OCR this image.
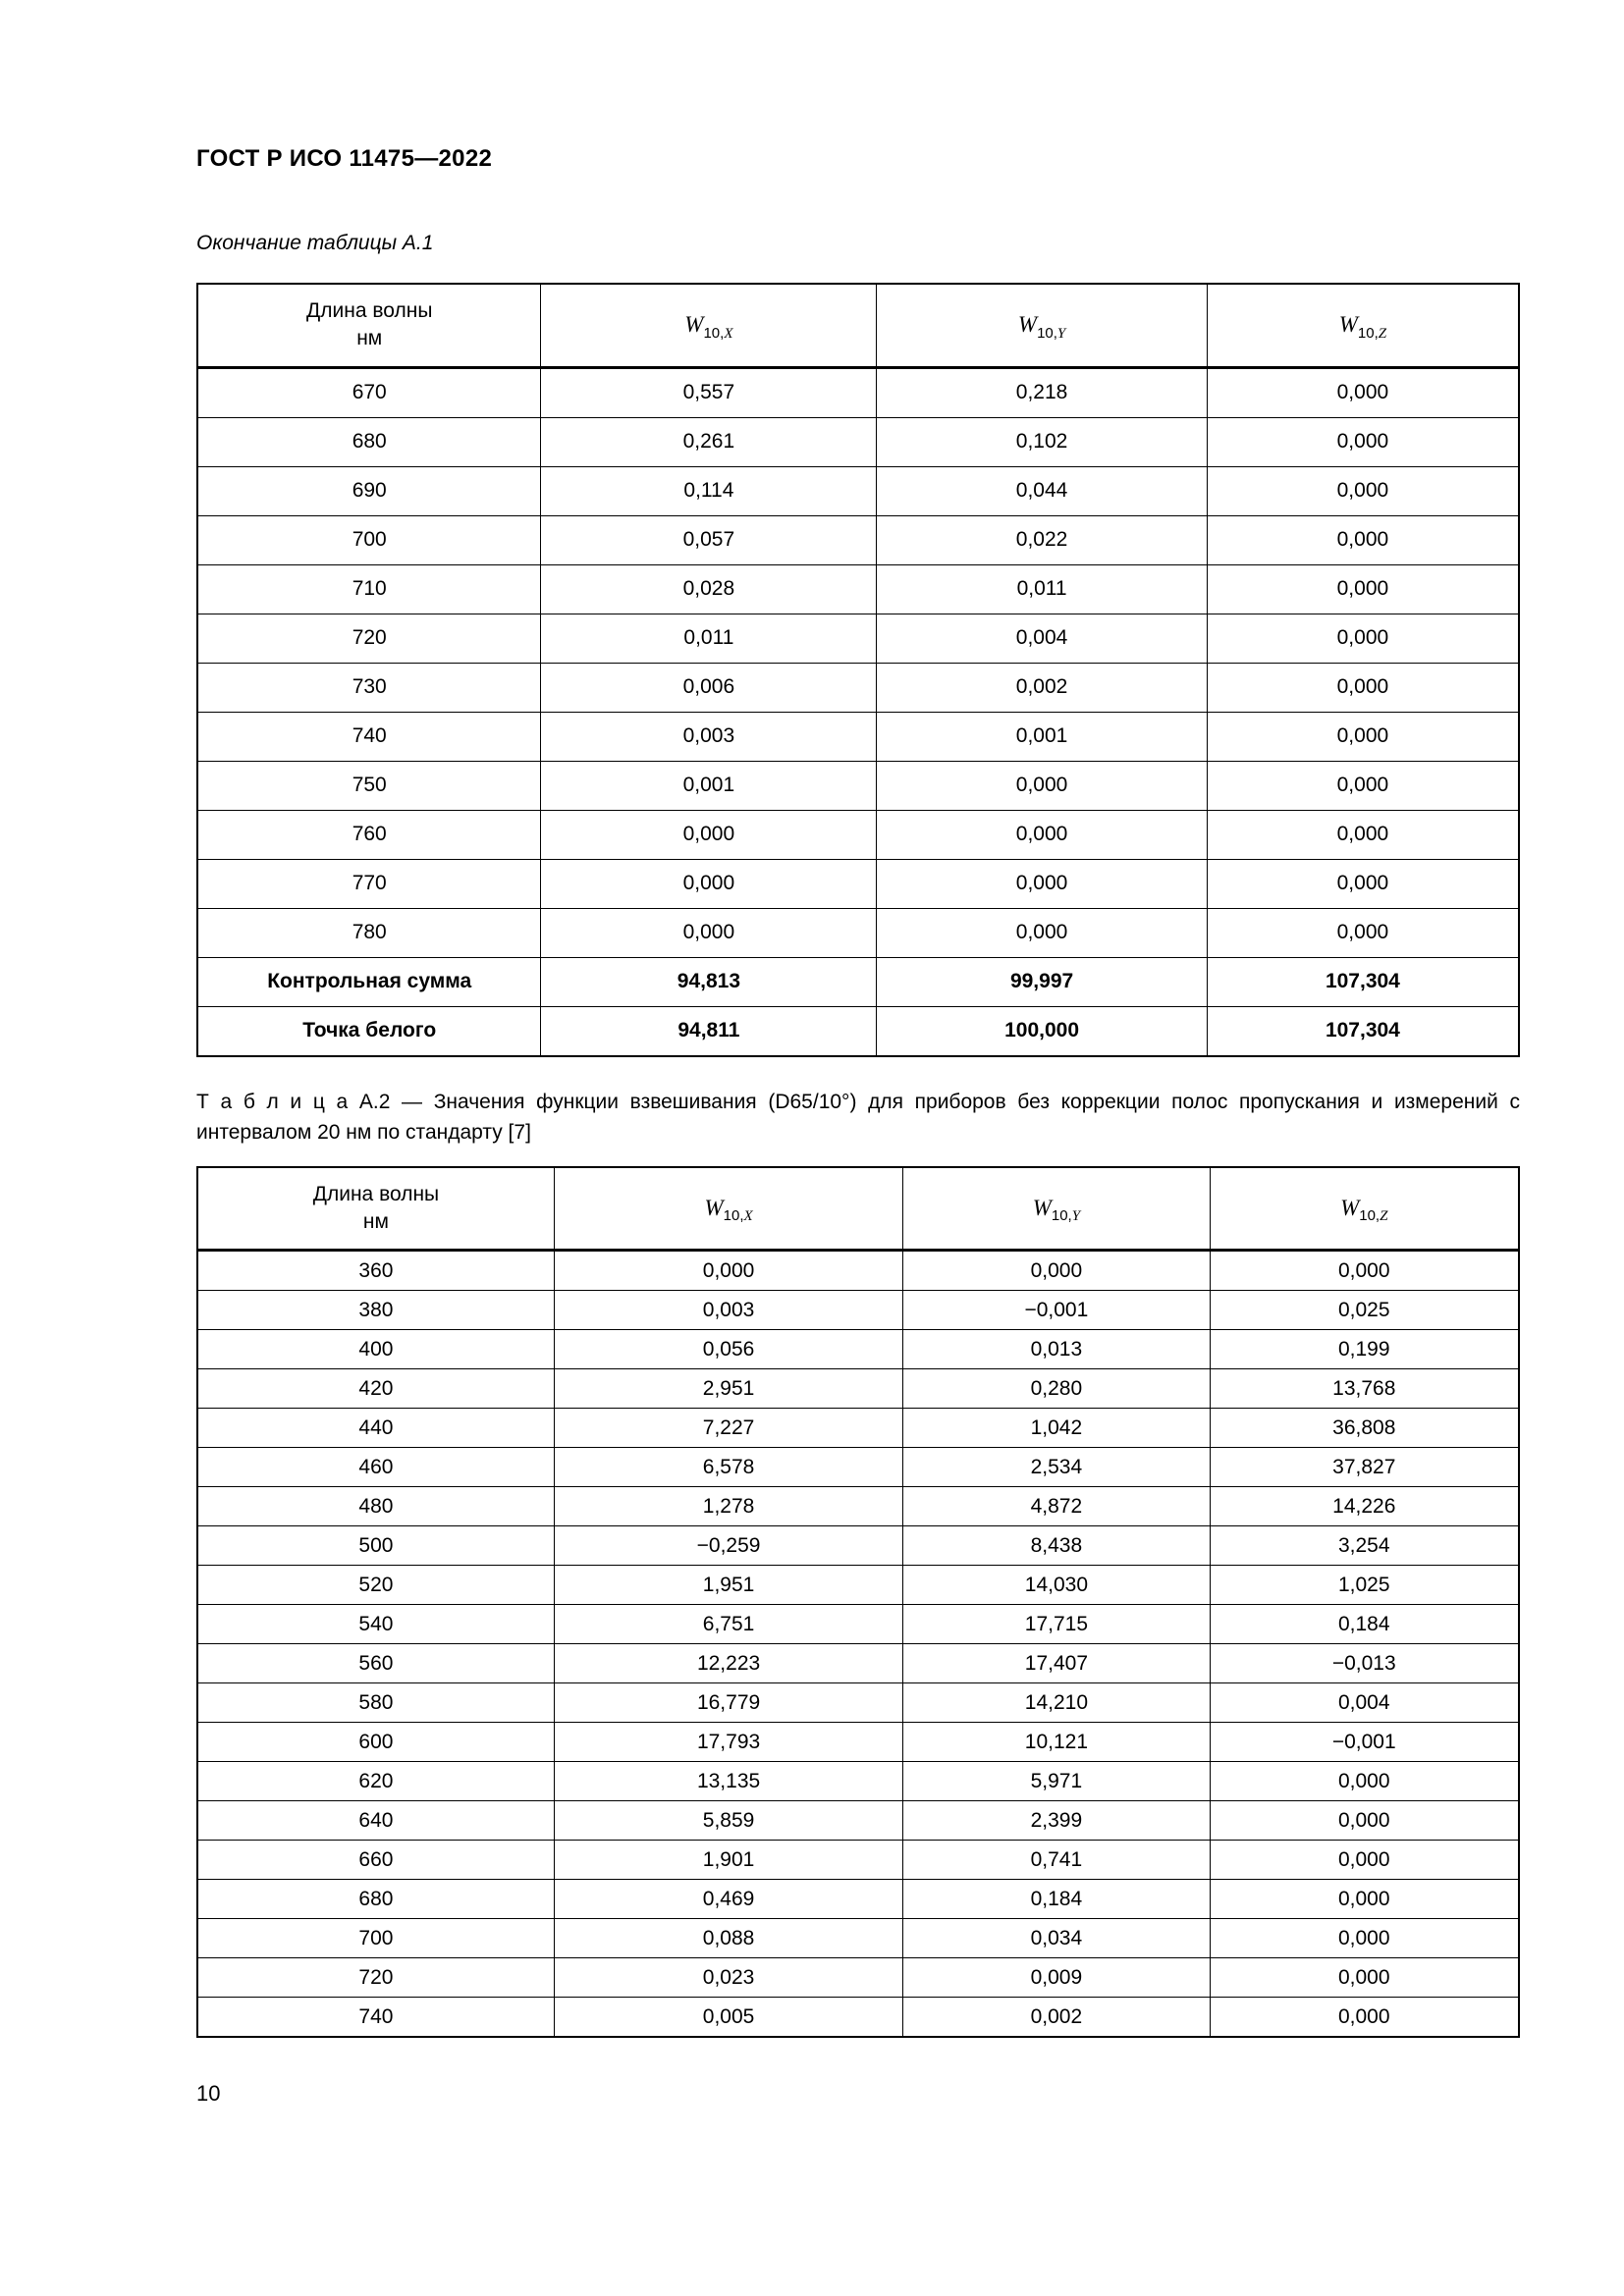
ГОСТ Р ИСО 11475—2022
Окончание таблицы А.1
Длина волны
нм	$W_{10,X}$	$W_{10,Y}$	$W_{10,Z}$
670	0,557	0,218	0,000
680	0,261	0,102	0,000
690	0,114	0,044	0,000
700	0,057	0,022	0,000
710	0,028	0,011	0,000
720	0,011	0,004	0,000
730	0,006	0,002	0,000
740	0,003	0,001	0,000
750	0,001	0,000	0,000
760	0,000	0,000	0,000
770	0,000	0,000	0,000
780	0,000	0,000	0,000
Контрольная сумма	94,813	99,997	107,304
Точка белого	94,811	100,000	107,304
Т а б л и ц а А.2 — Значения функции взвешивания (D65/10°) для приборов без коррекции полос пропускания и измерений с интервалом 20 нм по стандарту [7]
Длина волны
нм	$W_{10,X}$	$W_{10,Y}$	$W_{10,Z}$
360	0,000	0,000	0,000
380	0,003	−0,001	0,025
400	0,056	0,013	0,199
420	2,951	0,280	13,768
440	7,227	1,042	36,808
460	6,578	2,534	37,827
480	1,278	4,872	14,226
500	−0,259	8,438	3,254
520	1,951	14,030	1,025
540	6,751	17,715	0,184
560	12,223	17,407	−0,013
580	16,779	14,210	0,004
600	17,793	10,121	−0,001
620	13,135	5,971	0,000
640	5,859	2,399	0,000
660	1,901	0,741	0,000
680	0,469	0,184	0,000
700	0,088	0,034	0,000
720	0,023	0,009	0,000
740	0,005	0,002	0,000
10
